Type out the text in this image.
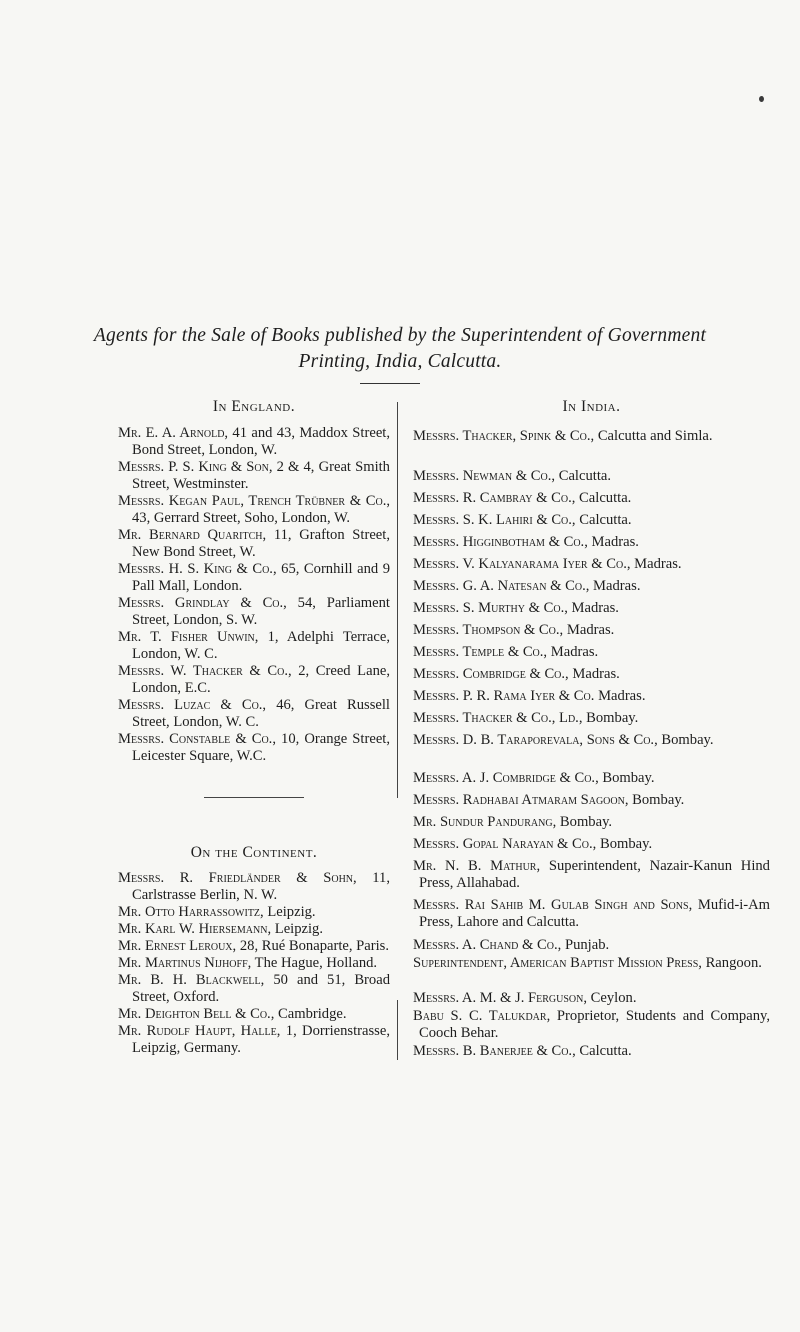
Agents for the Sale of Books published by the Superintendent of Government
Printing, India, Calcutta.
In England.

Mr. E. A. Arnold, 41 and 43, Maddox Street, Bond Street, London, W.

Messrs. P. S. King & Son, 2 & 4, Great Smith Street, Westminster.

Messrs. Kegan Paul, Trench Trübner & Co., 43, Gerrard Street, Soho, London, W.

Mr. Bernard Quaritch, 11, Grafton Street, New Bond Street, W.

Messrs. H. S. King & Co., 65, Cornhill and 9 Pall Mall, London.

Messrs. Grindlay & Co., 54, Parliament Street, London, S. W.

Mr. T. Fisher Unwin, 1, Adelphi Terrace, London, W. C.

Messrs. W. Thacker & Co., 2, Creed Lane, London, E.C.

Messrs. Luzac & Co., 46, Great Russell Street, London, W. C.

Messrs. Constable & Co., 10, Orange Street, Leicester Square, W.C.

On the Continent.

Messrs. R. Friedländer & Sohn, 11, Carlstrasse Berlin, N. W.

Mr. Otto Harrassowitz, Leipzig.

Mr. Karl W. Hiersemann, Leipzig.

Mr. Ernest Leroux, 28, Rué Bonaparte, Paris.

Mr. Martinus Nijhoff, The Hague, Holland.

Mr. B. H. Blackwell, 50 and 51, Broad Street, Oxford.

Mr. Deighton Bell & Co., Cambridge.

Mr. Rudolf Haupt, Halle, 1, Dorrienstrasse, Leipzig, Germany.

In India.

Messrs. Thacker, Spink & Co., Calcutta and Simla.

Messrs. Newman & Co., Calcutta.

Messrs. R. Cambray & Co., Calcutta.

Messrs. S. K. Lahiri & Co., Calcutta.

Messrs. Higginbotham & Co., Madras.

Messrs. V. Kalyanarama Iyer & Co., Madras.

Messrs. G. A. Natesan & Co., Madras.

Messrs. S. Murthy & Co., Madras.

Messrs. Thompson & Co., Madras.

Messrs. Temple & Co., Madras.

Messrs. Combridge & Co., Madras.

Messrs. P. R. Rama Iyer & Co. Madras.

Messrs. Thacker & Co., Ld., Bombay.

Messrs. D. B. Taraporevala, Sons & Co., Bombay.

Messrs. A. J. Combridge & Co., Bombay.

Messrs. Radhabai Atmaram Sagoon, Bombay.

Mr. Sundur Pandurang, Bombay.

Messrs. Gopal Narayan & Co., Bombay.

Mr. N. B. Mathur, Superintendent, Nazair-Kanun Hind Press, Allahabad.

Messrs. Rai Sahib M. Gulab Singh and Sons, Mufid-i-Am Press, Lahore and Calcutta.

Messrs. A. Chand & Co., Punjab.

Superintendent, American Baptist Mission Press, Rangoon.

Messrs. A. M. & J. Ferguson, Ceylon.

Babu S. C. Talukdar, Proprietor, Students and Company, Cooch Behar.

Messrs. B. Banerjee & Co., Calcutta.
